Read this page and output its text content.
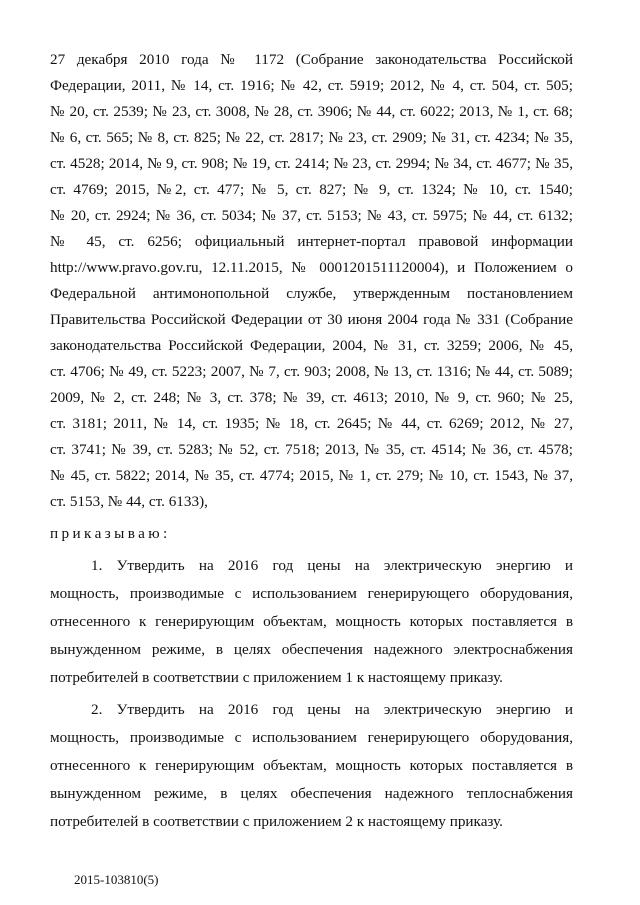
27 декабря 2010 года № 1172 (Собрание законодательства Российской
Федерации, 2011, № 14, ст. 1916; № 42, ст. 5919; 2012, № 4, ст. 504, ст. 505;
№ 20, ст. 2539; № 23, ст. 3008, № 28, ст. 3906; № 44, ст. 6022; 2013, № 1, ст. 68;
№ 6, ст. 565; № 8, ст. 825; № 22, ст. 2817; № 23, ст. 2909; № 31, ст. 4234; № 35,
ст. 4528; 2014, № 9, ст. 908; № 19, ст. 2414; № 23, ст. 2994; № 34, ст. 4677; № 35,
ст. 4769; 2015, №2, ст. 477; № 5, ст. 827; № 9, ст. 1324; № 10, ст. 1540;
№ 20, ст. 2924; № 36, ст. 5034; № 37, ст. 5153; № 43, ст. 5975; № 44, ст. 6132;
№ 45, ст. 6256; официальный интернет-портал правовой информации
http://www.pravo.gov.ru, 12.11.2015, № 0001201511120004), и Положением о
Федеральной антимонопольной службе, утвержденным постановлением
Правительства Российской Федерации от 30 июня 2004 года № 331 (Собрание
законодательства Российской Федерации, 2004, № 31, ст. 3259; 2006, № 45,
ст. 4706; № 49, ст. 5223; 2007, № 7, ст. 903; 2008, № 13, ст. 1316; № 44, ст. 5089;
2009, № 2, ст. 248; № 3, ст. 378; № 39, ст. 4613; 2010, № 9, ст. 960; № 25,
ст. 3181; 2011, № 14, ст. 1935; № 18, ст. 2645; № 44, ст. 6269; 2012, № 27,
ст. 3741; № 39, ст. 5283; № 52, ст. 7518; 2013, № 35, ст. 4514; № 36, ст. 4578;
№ 45, ст. 5822; 2014, № 35, ст. 4774; 2015, № 1, ст. 279; № 10, ст. 1543, № 37,
ст. 5153, № 44, ст. 6133),
приказываю:
1. Утвердить на 2016 год цены на электрическую энергию и
мощность, производимые с использованием генерирующего оборудования,
отнесенного к генерирующим объектам, мощность которых поставляется в
вынужденном режиме, в целях обеспечения надежного электроснабжения
потребителей в соответствии с приложением 1 к настоящему приказу.
2. Утвердить на 2016 год цены на электрическую энергию и
мощность, производимые с использованием генерирующего оборудования,
отнесенного к генерирующим объектам, мощность которых поставляется в
вынужденном режиме, в целях обеспечения надежного теплоснабжения
потребителей в соответствии с приложением 2 к настоящему приказу.
2015-103810(5)
